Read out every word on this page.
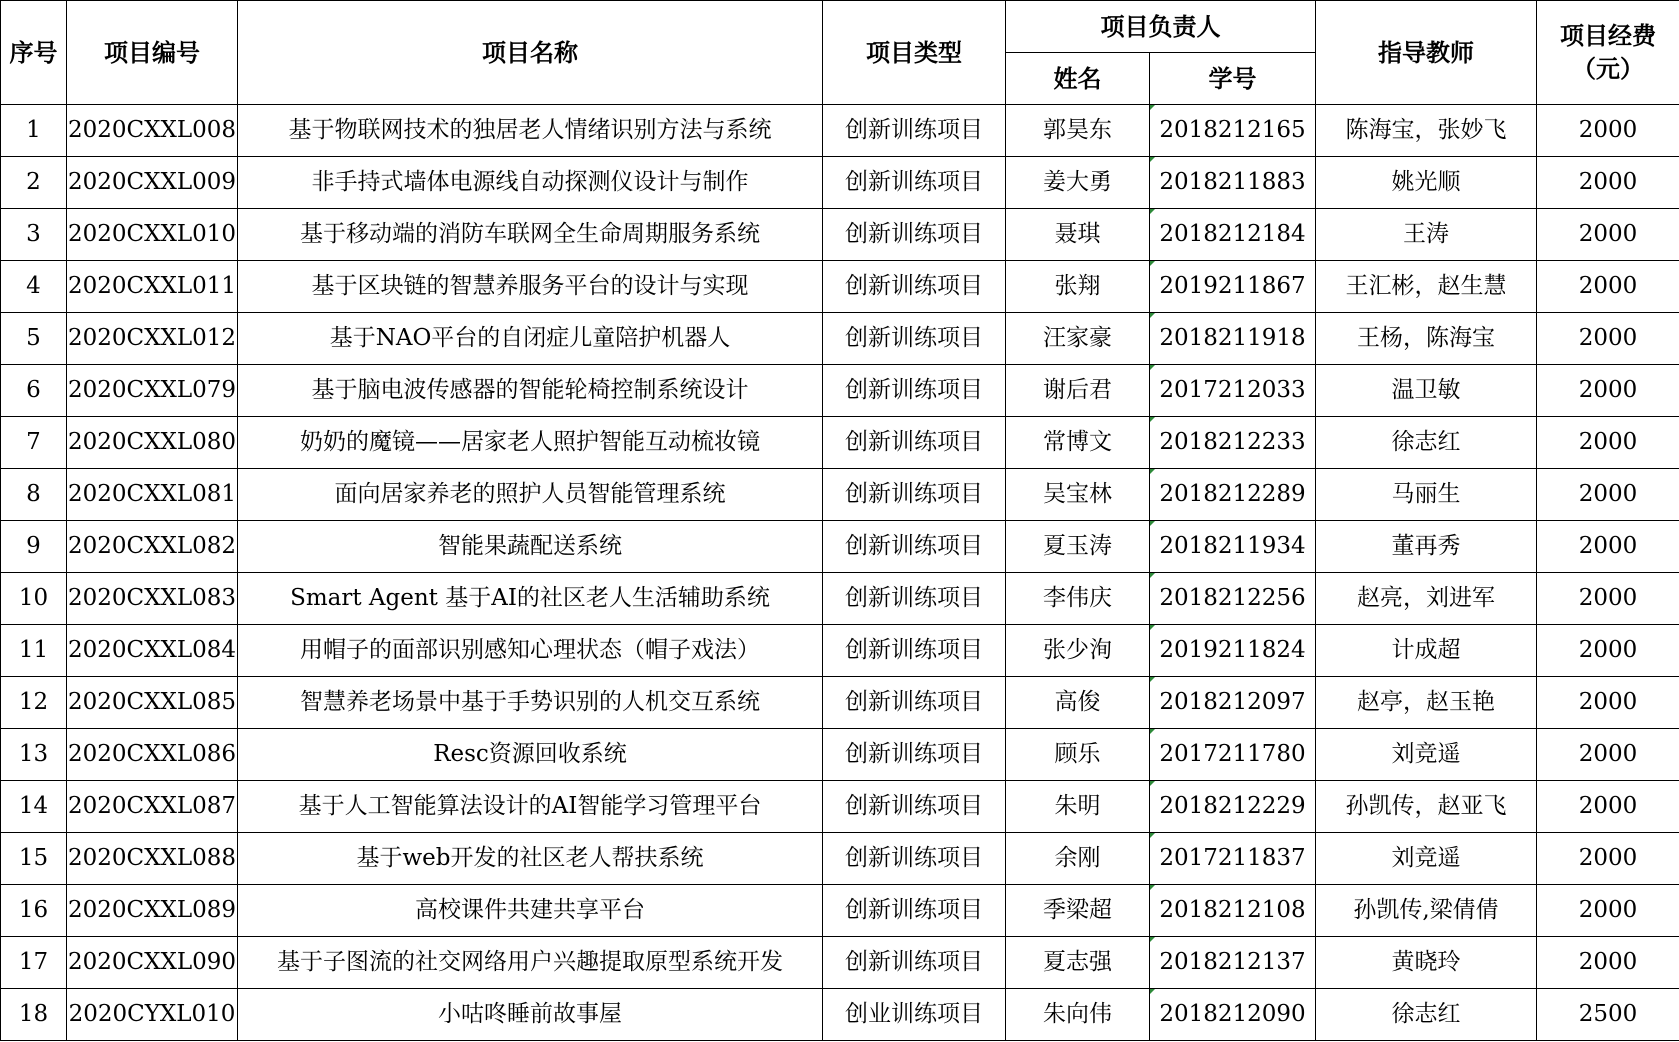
序号	项目编号	项目名称	项目类型	项目负责人		指导教师	项目经费
（元）
				姓名	学号		
1	2020CXXL008	基于物联网技术的独居老人情绪识别方法与系统	创新训练项目	郭昊东	2018212165	陈海宝，张妙飞	2000
2	2020CXXL009	非手持式墙体电源线自动探测仪设计与制作	创新训练项目	姜大勇	2018211883	姚光顺	2000
3	2020CXXL010	基于移动端的消防车联网全生命周期服务系统	创新训练项目	聂琪	2018212184	王涛	2000
4	2020CXXL011	基于区块链的智慧养服务平台的设计与实现	创新训练项目	张翔	2019211867	王汇彬，赵生慧	2000
5	2020CXXL012	基于NAO平台的自闭症儿童陪护机器人	创新训练项目	汪家豪	2018211918	王杨，陈海宝	2000
6	2020CXXL079	基于脑电波传感器的智能轮椅控制系统设计	创新训练项目	谢后君	2017212033	温卫敏	2000
7	2020CXXL080	奶奶的魔镜——居家老人照护智能互动梳妆镜	创新训练项目	常博文	2018212233	徐志红	2000
8	2020CXXL081	面向居家养老的照护人员智能管理系统	创新训练项目	吴宝林	2018212289	马丽生	2000
9	2020CXXL082	智能果蔬配送系统	创新训练项目	夏玉涛	2018211934	董再秀	2000
10	2020CXXL083	Smart Agent 基于AI的社区老人生活辅助系统	创新训练项目	李伟庆	2018212256	赵亮，刘进军	2000
11	2020CXXL084	用帽子的面部识别感知心理状态（帽子戏法）	创新训练项目	张少洵	2019211824	计成超	2000
12	2020CXXL085	智慧养老场景中基于手势识别的人机交互系统	创新训练项目	高俊	2018212097	赵亭，赵玉艳	2000
13	2020CXXL086	Resc资源回收系统	创新训练项目	顾乐	2017211780	刘竞遥	2000
14	2020CXXL087	基于人工智能算法设计的AI智能学习管理平台	创新训练项目	朱明	2018212229	孙凯传，赵亚飞	2000
15	2020CXXL088	基于web开发的社区老人帮扶系统	创新训练项目	余刚	2017211837	刘竞遥	2000
16	2020CXXL089	高校课件共建共享平台	创新训练项目	季梁超	2018212108	孙凯传,梁倩倩	2000
17	2020CXXL090	基于子图流的社交网络用户兴趣提取原型系统开发	创新训练项目	夏志强	2018212137	黄晓玲	2000
18	2020CYXL010	小咕咚睡前故事屋	创业训练项目	朱向伟	2018212090	徐志红	2500
